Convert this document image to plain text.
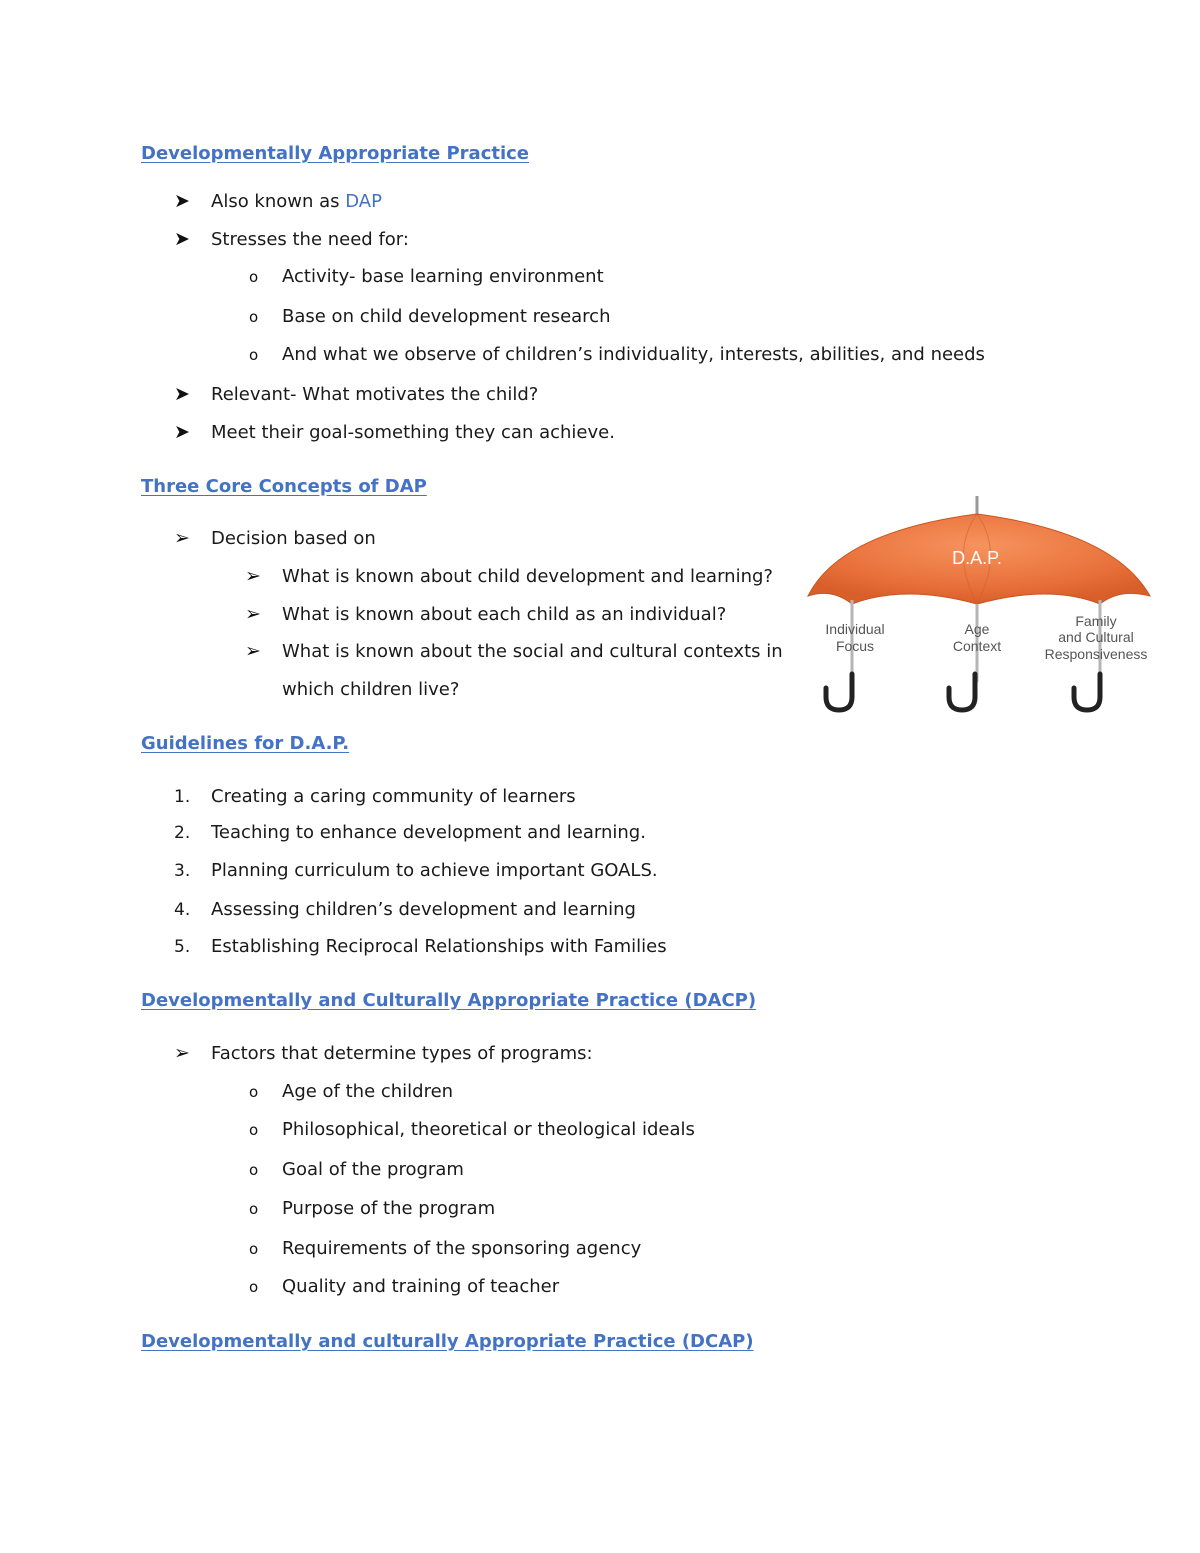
Developmentally Appropriate Practice
➤ Also known as DAP
➤ Stresses the need for:
o Activity- base learning environment
o Base on child development research
o And what we observe of children’s individuality, interests, abilities, and needs
➤ Relevant- What motivates the child?
➤ Meet their goal-something they can achieve.
Three Core Concepts of DAP
➢ Decision based on
➢ What is known about child development and learning?
➢ What is known about each child as an individual?
➢ What is known about the social and cultural contexts in
which children live?
D.A.P.
Individual
Focus
Age
Context
Family
and Cultural
Responsiveness
Guidelines for D.A.P.
1. Creating a caring community of learners
2. Teaching to enhance development and learning.
3. Planning curriculum to achieve important GOALS.
4. Assessing children’s development and learning
5. Establishing Reciprocal Relationships with Families
Developmentally and Culturally Appropriate Practice (DACP)
➢ Factors that determine types of programs:
o Age of the children
o Philosophical, theoretical or theological ideals
o Goal of the program
o Purpose of the program
o Requirements of the sponsoring agency
o Quality and training of teacher
Developmentally and culturally Appropriate Practice (DCAP)
